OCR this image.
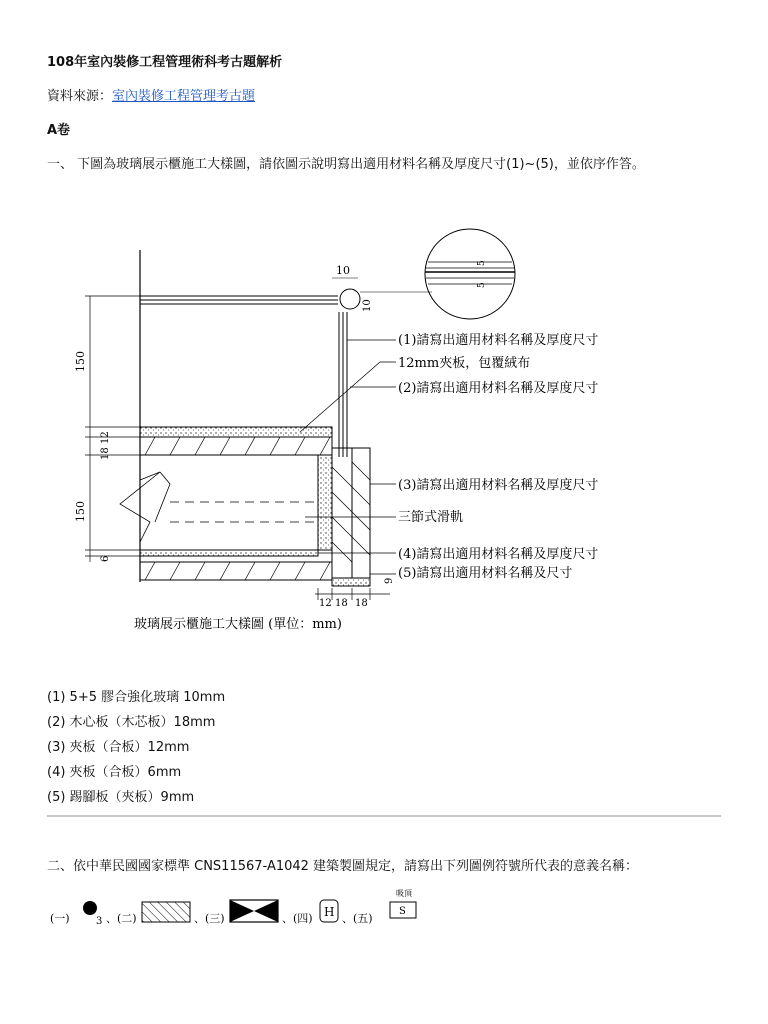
108年室內裝修工程管理術科考古題解析
資料來源：室內裝修工程管理考古題
A卷
一、 下圖為玻璃展示櫃施工大樣圖，請依圖示說明寫出適用材料名稱及厚度尺寸(1)~(5)，並依序作答。
5
5
10
10
150
12
18
150
6
9
12 18 18
(1)請寫出適用材料名稱及厚度尺寸
12mm夾板，包覆絨布
(2)請寫出適用材料名稱及厚度尺寸
(3)請寫出適用材料名稱及厚度尺寸
三節式滑軌
(4)請寫出適用材料名稱及厚度尺寸
(5)請寫出適用材料名稱及尺寸
玻璃展示櫃施工大樣圖 (單位：mm)
(1) 5+5 膠合強化玻璃 10mm
(2) 木心板（木芯板）18mm
(3) 夾板（合板）12mm
(4) 夾板（合板）6mm
(5) 踢腳板（夾板）9mm
二、依中華民國國家標準 CNS11567-A1042 建築製圖規定，請寫出下列圖例符號所代表的意義名稱：
(一)	3 、(二)	、(三)	、(四) H 、(五)
吸頂
S
